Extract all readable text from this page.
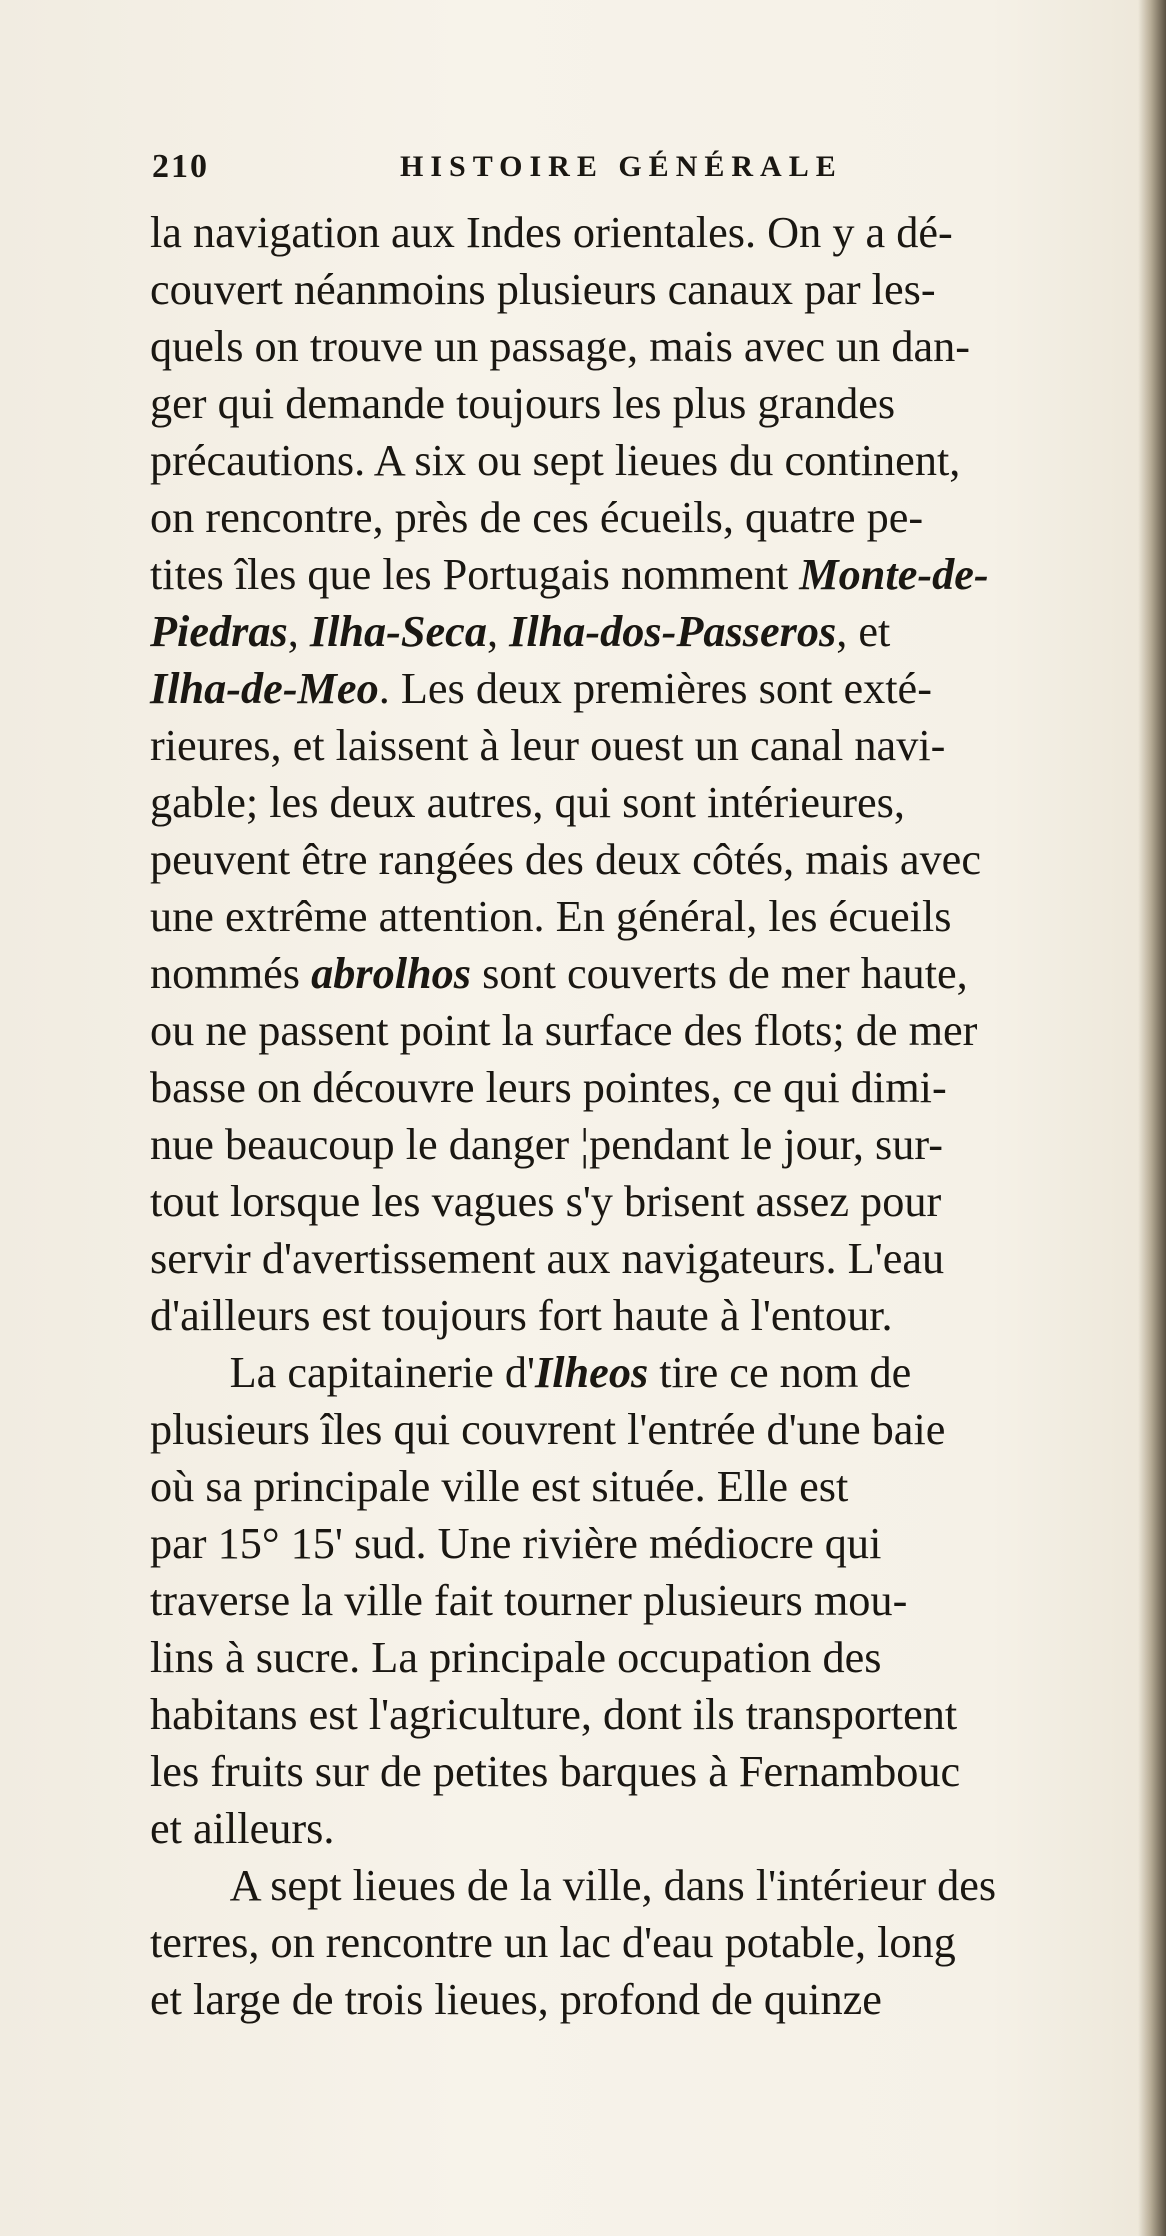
210	HISTOIRE GÉNÉRALE
la navigation aux Indes orientales. On y a dé-
couvert néanmoins plusieurs canaux par les-
quels on trouve un passage, mais avec un dan-
ger qui demande toujours les plus grandes
précautions. A six ou sept lieues du continent,
on rencontre, près de ces écueils, quatre pe-
tites îles que les Portugais nomment Monte-de-
Piedras, Ilha-Seca, Ilha-dos-Passeros, et
Ilha-de-Meo. Les deux premières sont exté-
rieures, et laissent à leur ouest un canal navi-
gable; les deux autres, qui sont intérieures,
peuvent être rangées des deux côtés, mais avec
une extrême attention. En général, les écueils
nommés abrolhos sont couverts de mer haute,
ou ne passent point la surface des flots; de mer
basse on découvre leurs pointes, ce qui dimi-
nue beaucoup le danger ¦pendant le jour, sur-
tout lorsque les vagues s'y brisent assez pour
servir d'avertissement aux navigateurs. L'eau
d'ailleurs est toujours fort haute à l'entour.
La capitainerie d'Ilheos tire ce nom de
plusieurs îles qui couvrent l'entrée d'une baie
où sa principale ville est située. Elle est
par 15° 15' sud. Une rivière médiocre qui
traverse la ville fait tourner plusieurs mou-
lins à sucre. La principale occupation des
habitans est l'agriculture, dont ils transportent
les fruits sur de petites barques à Fernambouc
et ailleurs.
A sept lieues de la ville, dans l'intérieur des
terres, on rencontre un lac d'eau potable, long
et large de trois lieues, profond de quinze
